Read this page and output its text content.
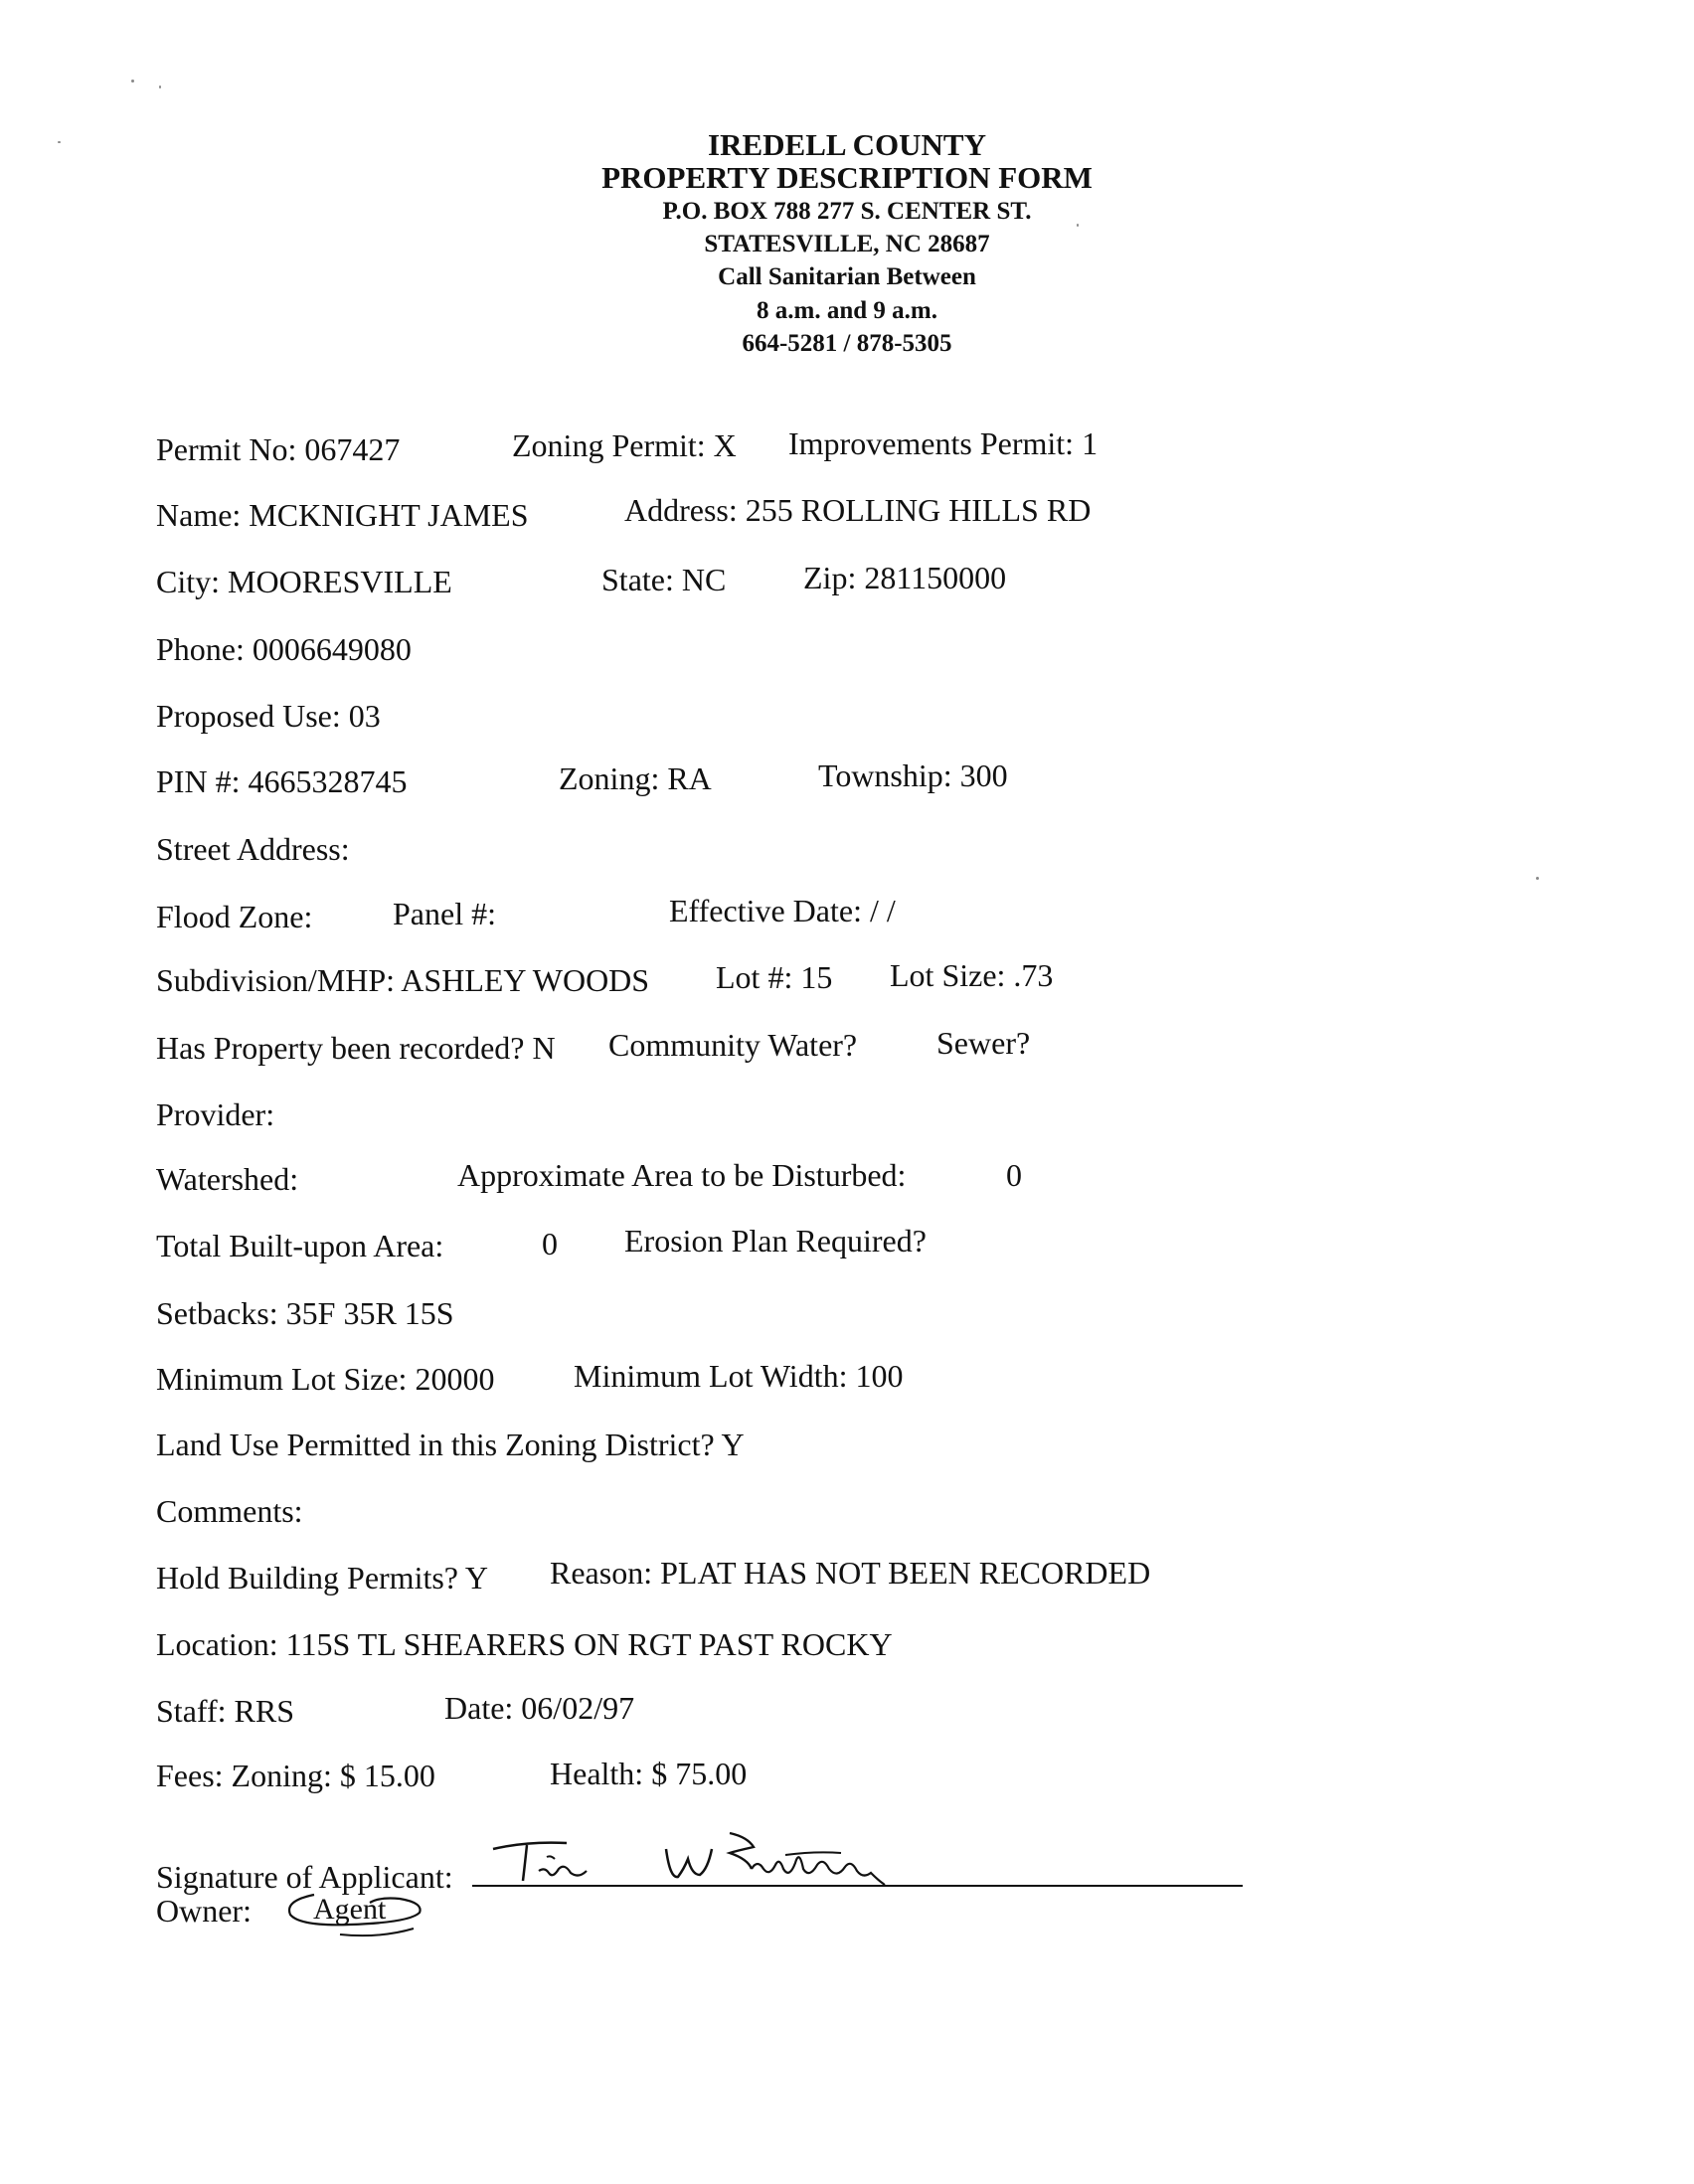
IREDELL COUNTY
PROPERTY DESCRIPTION FORM
P.O. BOX 788 277 S. CENTER ST.
STATESVILLE, NC 28687
Call Sanitarian Between
8 a.m. and 9 a.m.
664-5281 / 878-5305
Permit No: 067427	Zoning Permit: X Improvements Permit: 1
Name: MCKNIGHT JAMES	Address: 255 ROLLING HILLS RD
City: MOORESVILLE	State: NC Zip: 281150000
Phone: 0006649080
Proposed Use: 03
PIN #: 4665328745	Zoning: RA	Township: 300
Street Address:
Flood Zone:	Panel #:	Effective Date: / /
Subdivision/MHP: ASHLEY WOODS Lot #: 15 Lot Size: .73
Has Property been recorded? N Community Water? Sewer?
Provider:
Watershed:	Approximate Area to be Disturbed:	0
Total Built-upon Area:	0 Erosion Plan Required?
Setbacks: 35F 35R 15S
Minimum Lot Size: 20000 Minimum Lot Width: 100
Land Use Permitted in this Zoning District? Y
Comments:
Hold Building Permits? Y Reason: PLAT HAS NOT BEEN RECORDED
Location: 115S TL SHEARERS ON RGT PAST ROCKY
Staff: RRS	Date: 06/02/97
Fees: Zoning: $ 15.00	Health: $ 75.00
Signature of Applicant:
Owner: Agent
